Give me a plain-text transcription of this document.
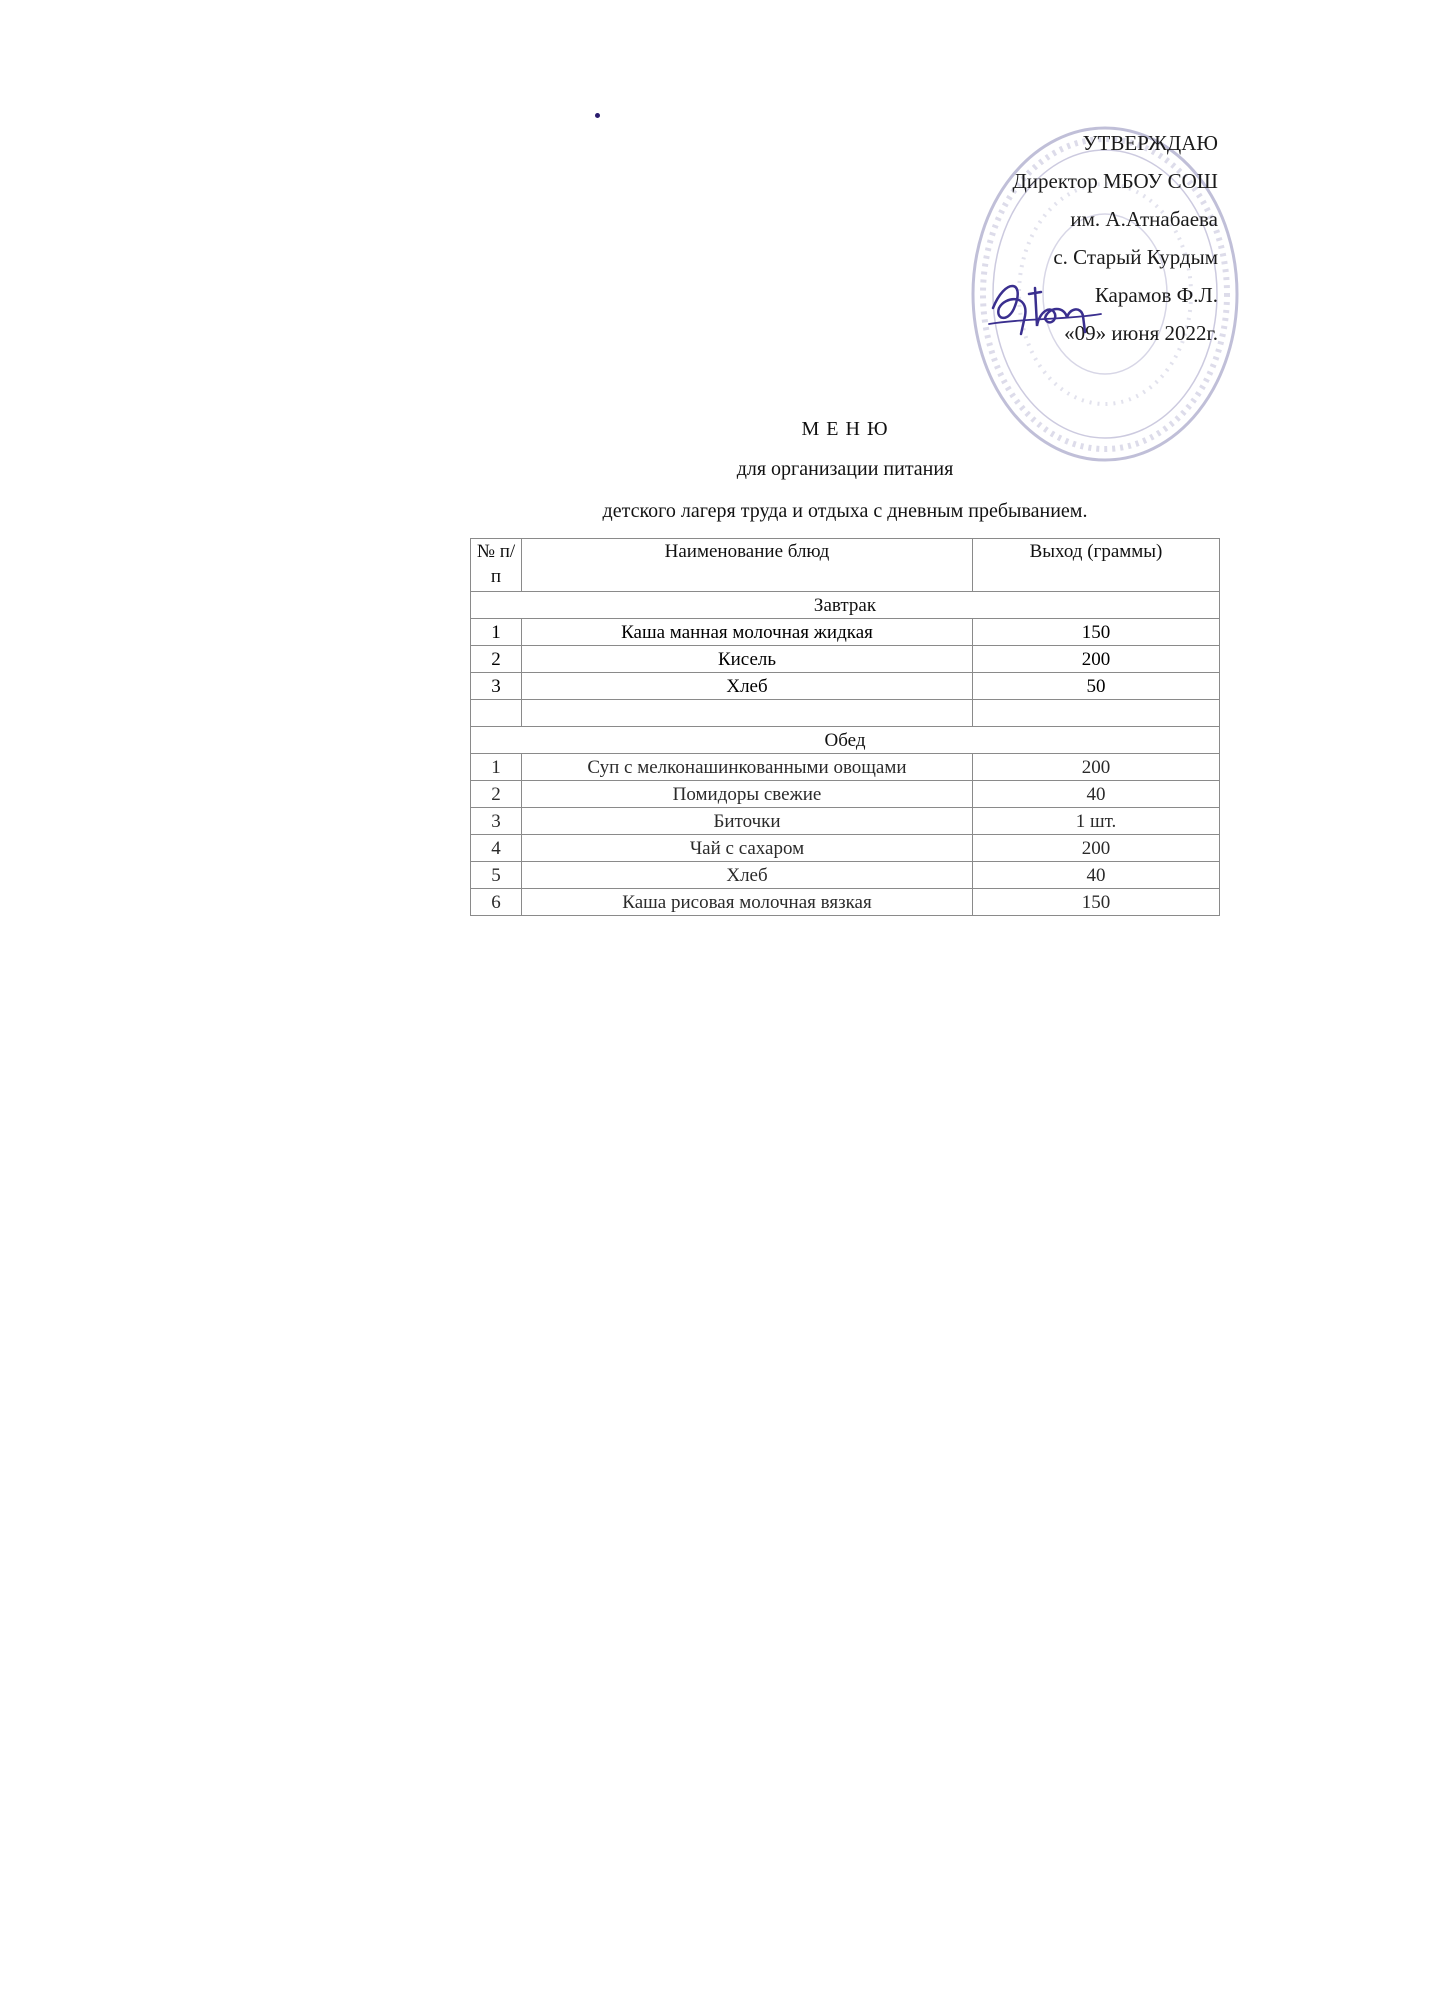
УТВЕРЖДАЮ
Директор МБОУ СОШ
им. А.Атнабаева
с. Старый Курдым
Карамов Ф.Л.
«09» июня 2022г.
М Е Н Ю
для организации питания
детского лагеря труда и отдыха с дневным пребыванием.
№ п/п	Наименование блюд	Выход (граммы)
Завтрак		
1	Каша манная молочная жидкая	150
2	Кисель	200
3	Хлеб	50

Обед		
1	Суп с мелконашинкованными овощами	200
2	Помидоры свежие	40
3	Биточки	1 шт.
4	Чай с сахаром	200
5	Хлеб	40
6	Каша рисовая молочная вязкая	150
